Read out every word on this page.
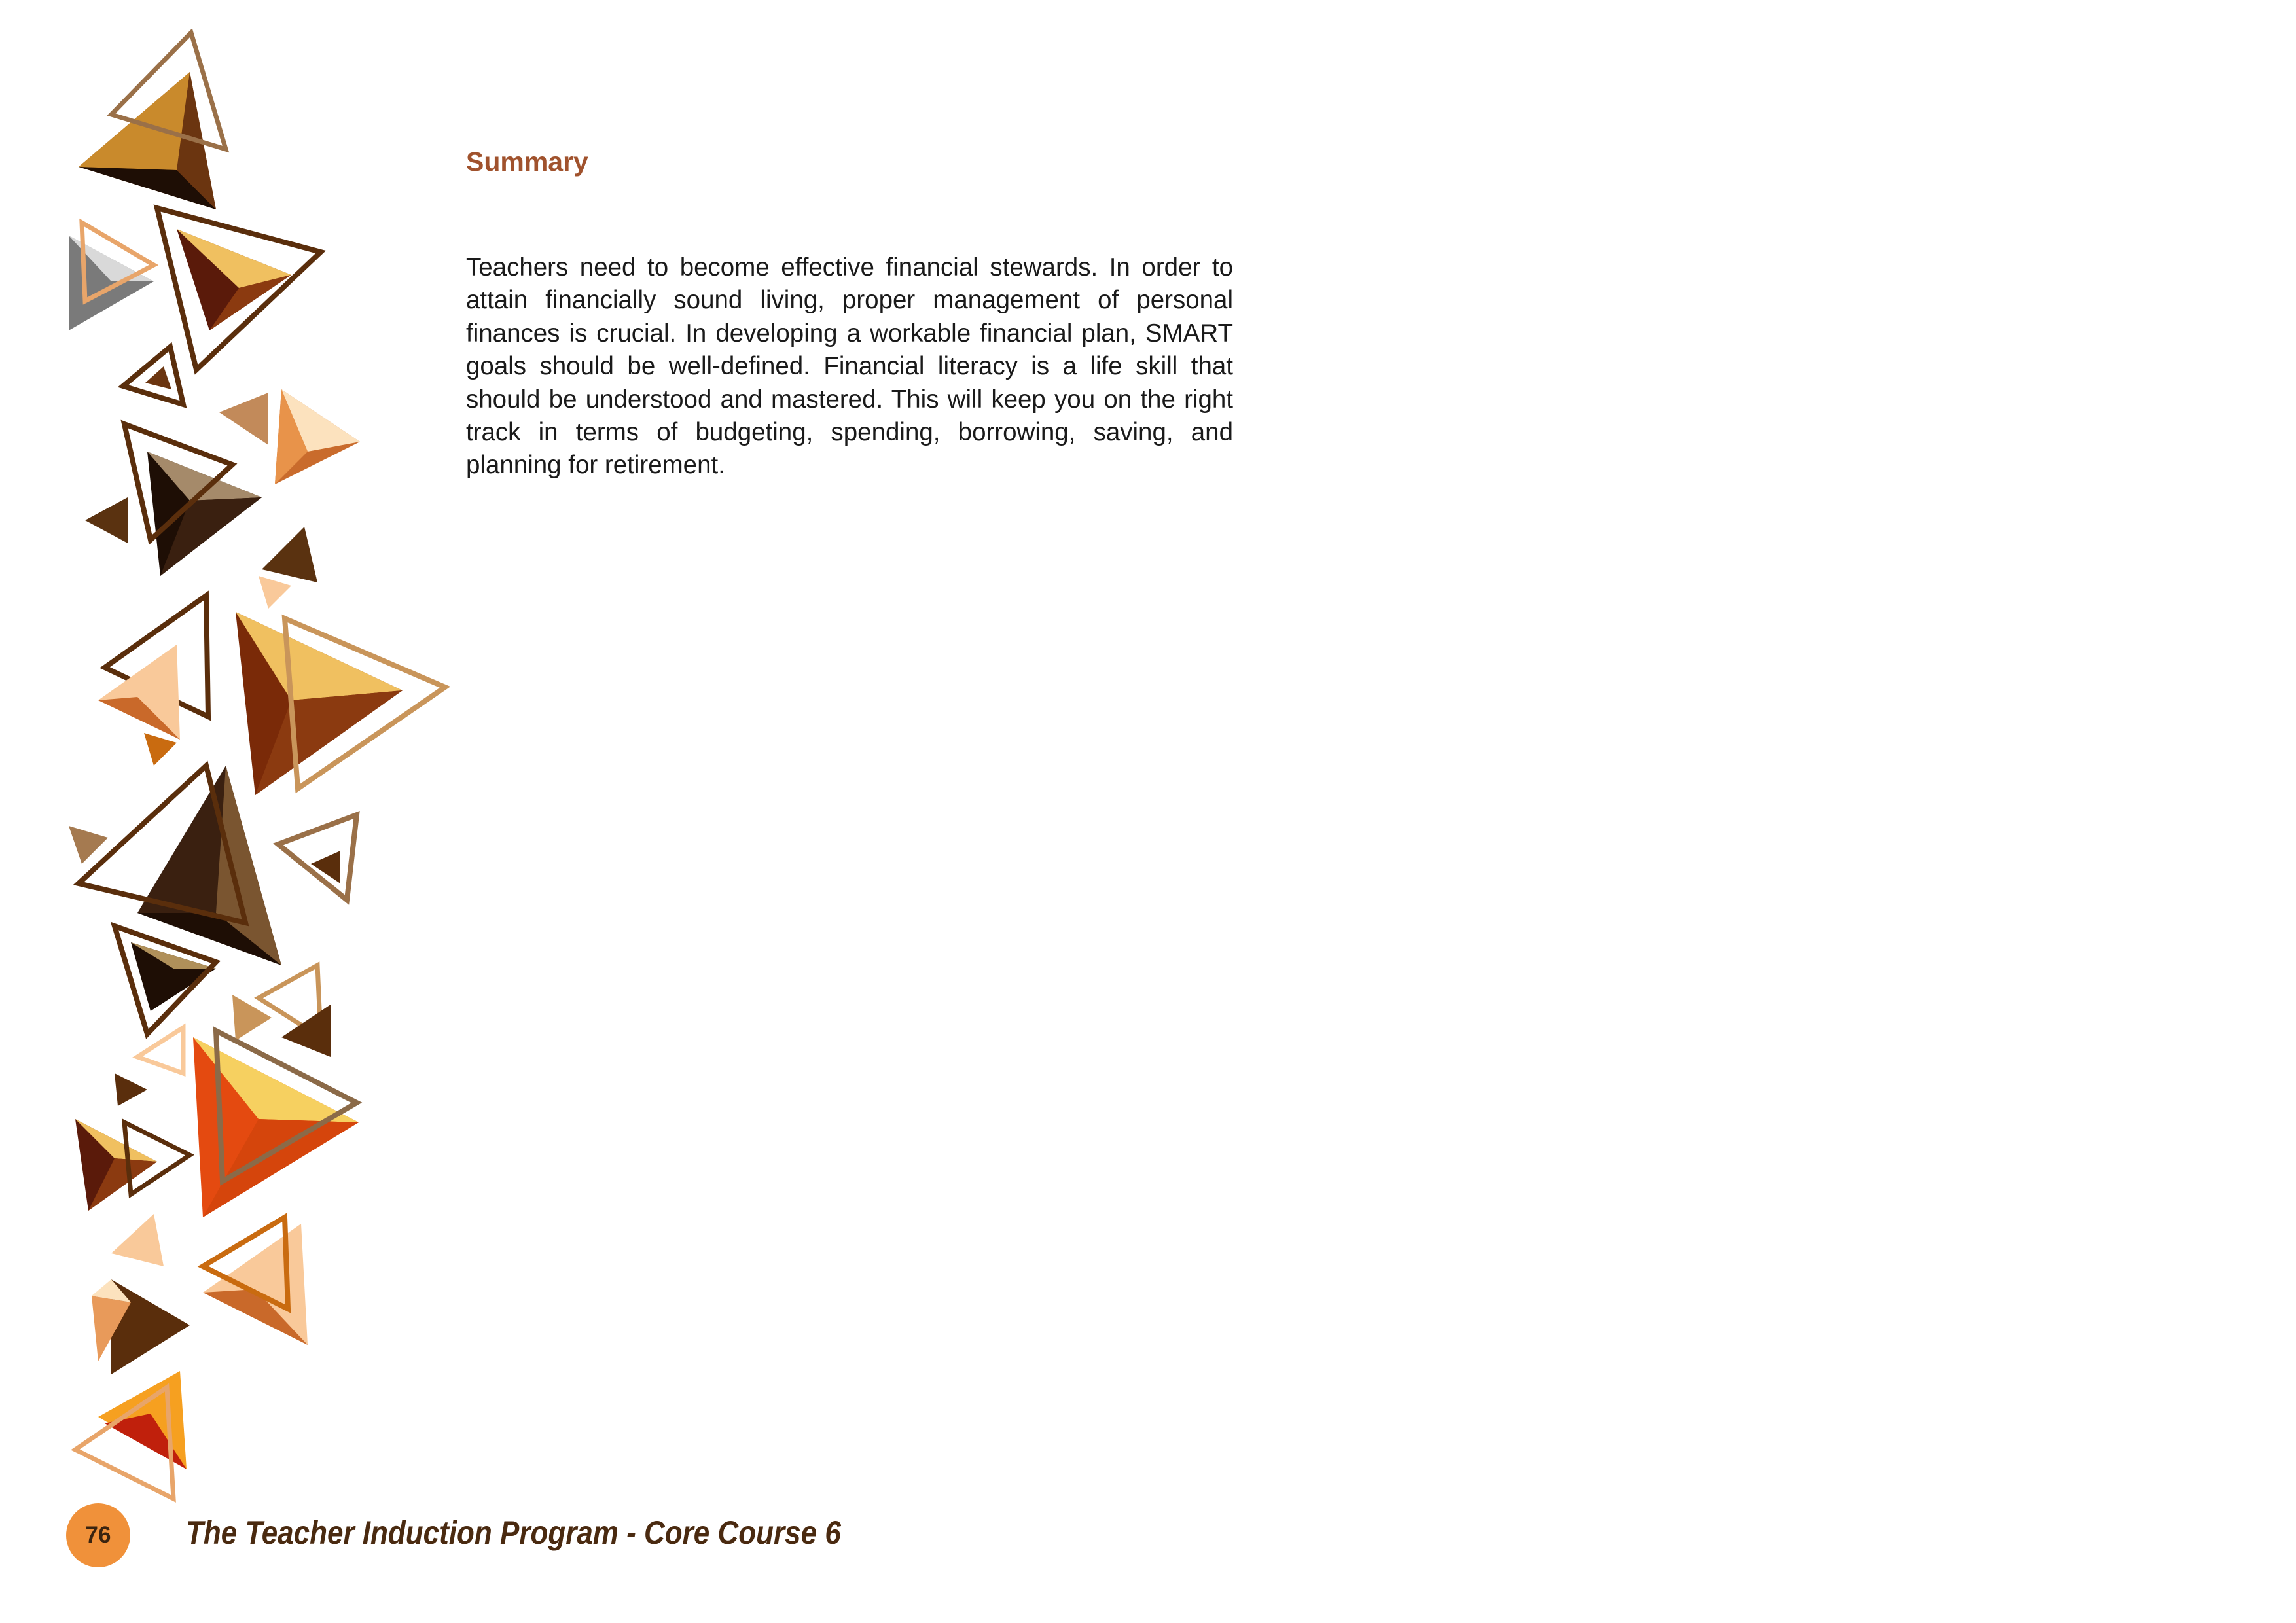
Summary

Teachers need to become effective financial stewards. In order to attain financially sound living, proper management of personal finances is crucial. In developing a workable financial plan, SMART goals should be well-defined. Financial literacy is a life skill that should be understood and mastered. This will keep you on the right track in terms of budgeting, spending, borrowing, saving, and planning for retirement.

76 The Teacher Induction Program - Core Course 6
